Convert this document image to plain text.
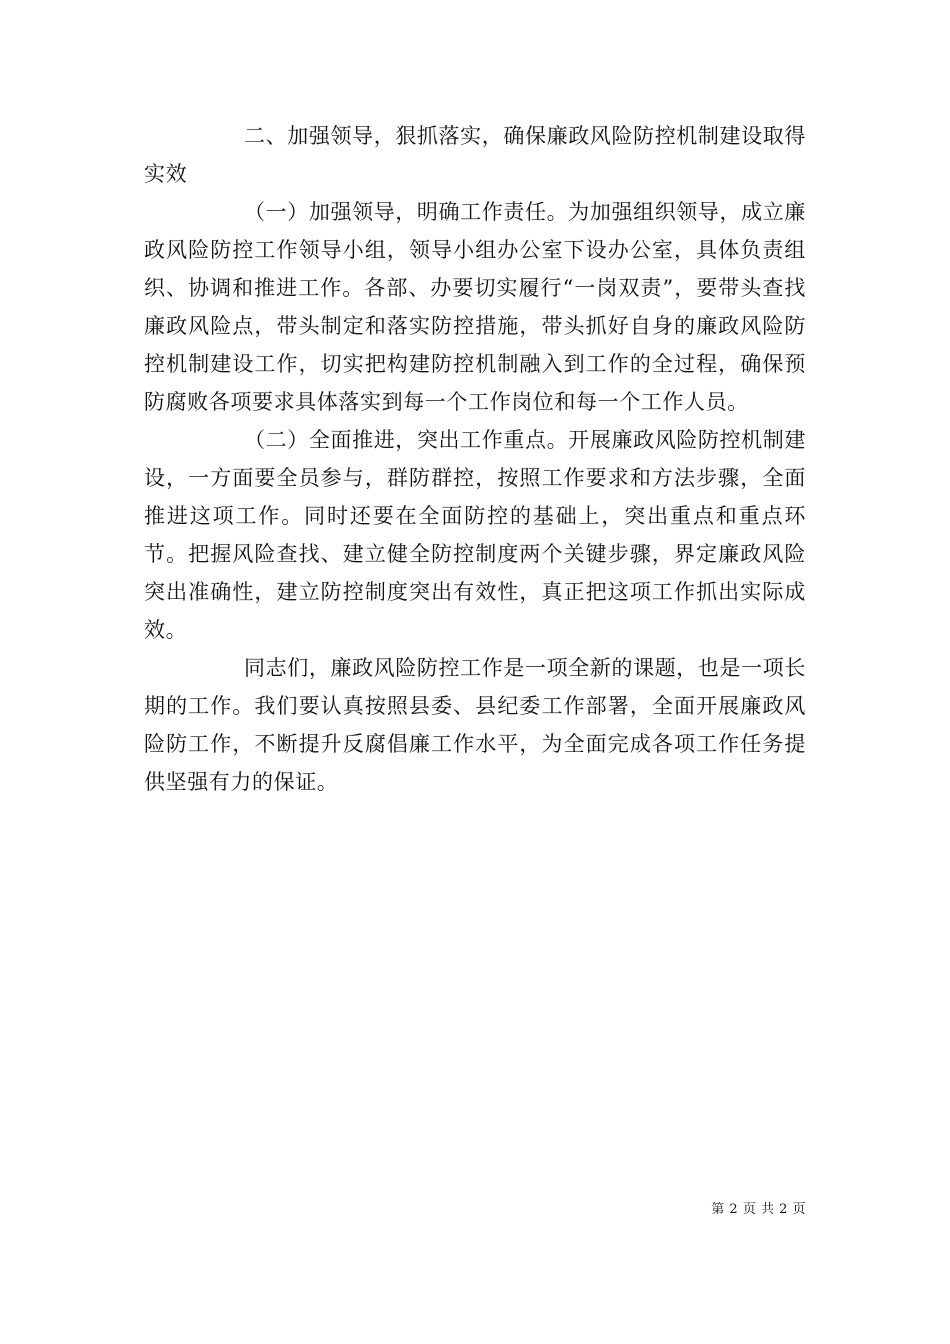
二、加强领导，狠抓落实，确保廉政风险防控机制建设取得实效

（一）加强领导，明确工作责任。为加强组织领导，成立廉政风险防控工作领导小组，领导小组办公室下设办公室，具体负责组织、协调和推进工作。各部、办要切实履行“一岗双责”，要带头查找廉政风险点，带头制定和落实防控措施，带头抓好自身的廉政风险防控机制建设工作，切实把构建防控机制融入到工作的全过程，确保预防腐败各项要求具体落实到每一个工作岗位和每一个工作人员。

（二）全面推进，突出工作重点。开展廉政风险防控机制建设，一方面要全员参与，群防群控，按照工作要求和方法步骤，全面推进这项工作。同时还要在全面防控的基础上，突出重点和重点环节。把握风险查找、建立健全防控制度两个关键步骤，界定廉政风险突出准确性，建立防控制度突出有效性，真正把这项工作抓出实际成效。

同志们，廉政风险防控工作是一项全新的课题，也是一项长期的工作。我们要认真按照县委、县纪委工作部署，全面开展廉政风险防工作，不断提升反腐倡廉工作水平，为全面完成各项工作任务提供坚强有力的保证。

第 2 页 共 2 页
